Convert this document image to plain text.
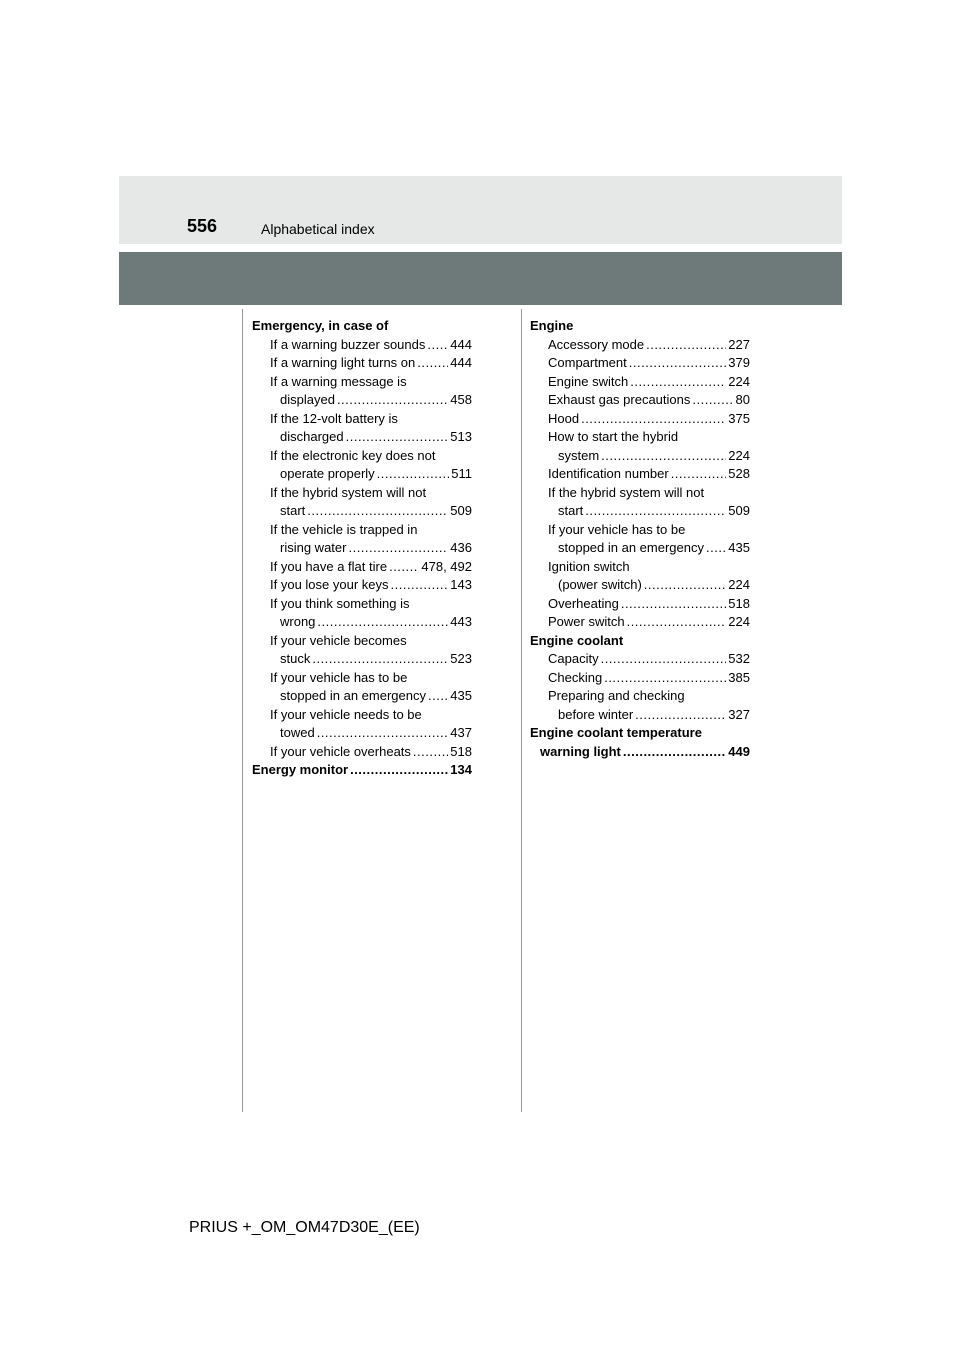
556	Alphabetical index
Emergency, in case of
If a warning buzzer sounds ..... 444
If a warning light turns on .....	444
If a warning message is
displayed .....	458
If the 12-volt battery is
discharged .....	513
If the electronic key does not
operate properly .....	511
If the hybrid system will not
start .....	509
If the vehicle is trapped in
rising water .....	436
If you have a flat tire .....	478, 492
If you lose your keys .....	143
If you think something is
wrong .....	443
If your vehicle becomes
stuck .....	523
If your vehicle has to be
stopped in an emergency ..... 435
If your vehicle needs to be
towed .....	437
If your vehicle overheats .....	518
Energy monitor .....	134
Engine
Accessory mode .....	227
Compartment .....	379
Engine switch .....	224
Exhaust gas precautions .....	80
Hood .....	375
How to start the hybrid
system .....	224
Identification number .....	528
If the hybrid system will not
start .....	509
If your vehicle has to be
stopped in an emergency ..... 435
Ignition switch
(power switch) .....	224
Overheating .....	518
Power switch .....	224
Engine coolant
Capacity .....	532
Checking .....	385
Preparing and checking
before winter .....	327
Engine coolant temperature
warning light .....	449
PRIUS +_OM_OM47D30E_(EE)
